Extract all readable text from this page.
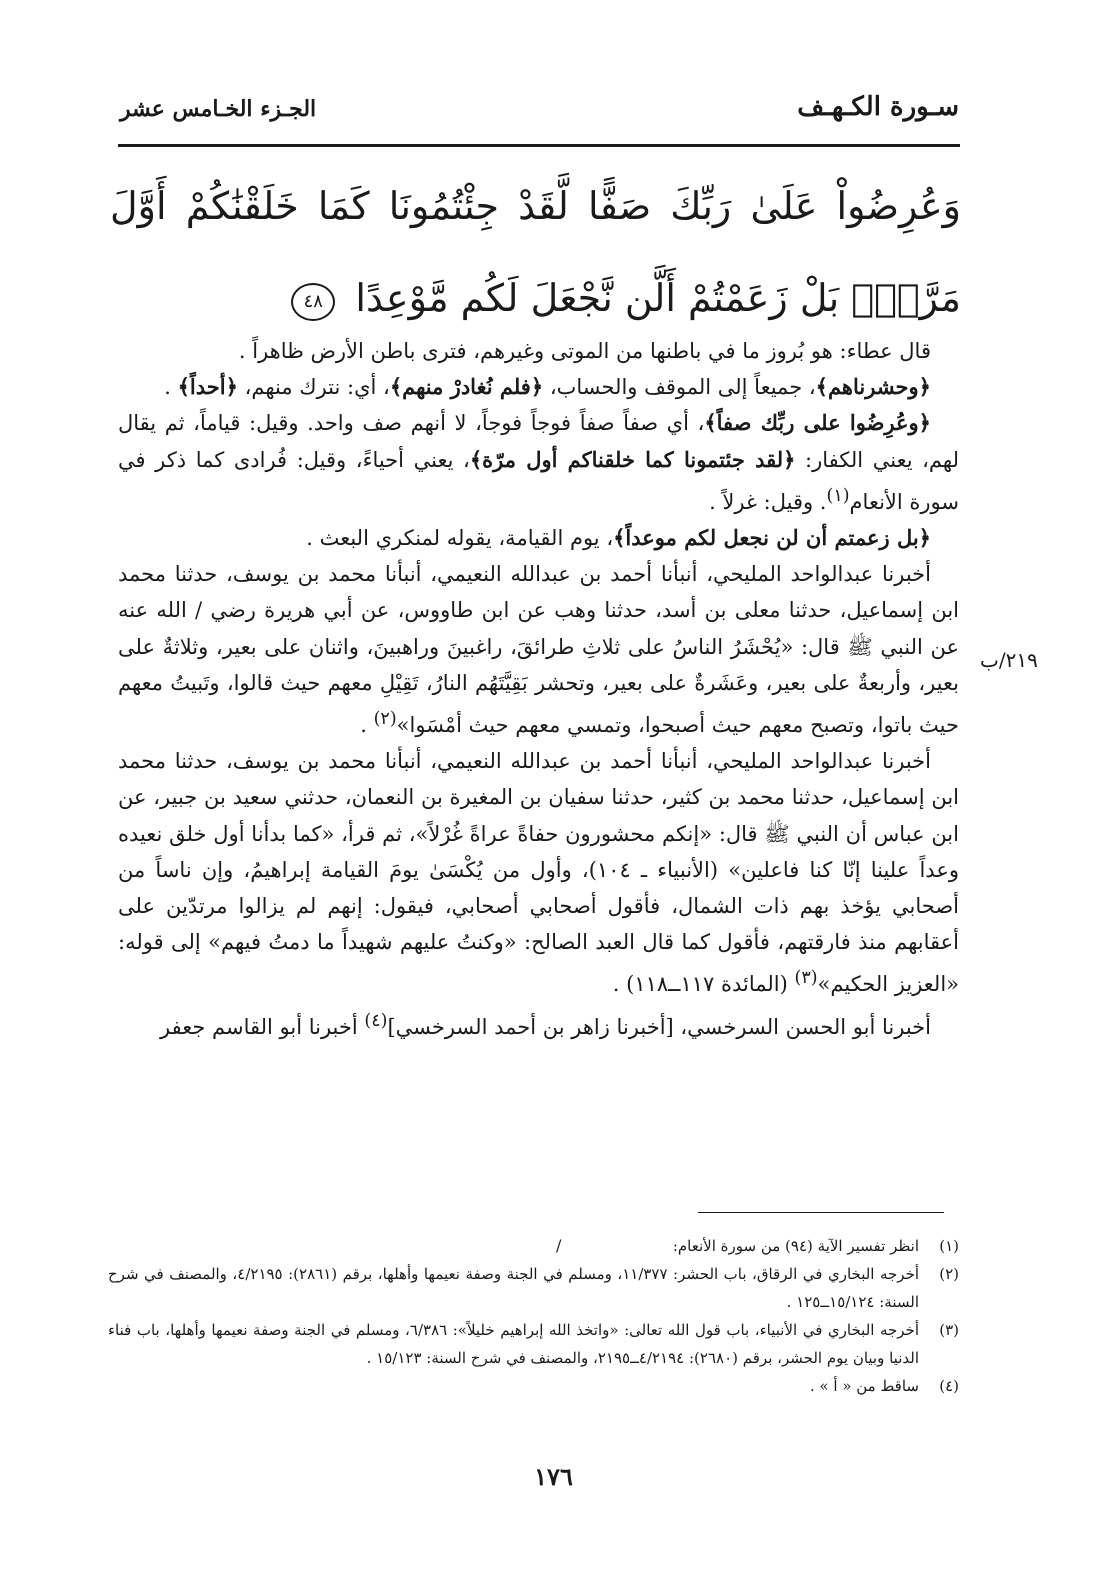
سـورة الكـهـف
الجـزء الخـامس عشر
وَعُرِضُواْ عَلَىٰ رَبِّكَ صَفًّا لَّقَدْ جِئْتُمُونَا كَمَا خَلَقْنَٰكُمْ أَوَّلَ مَرَّةٍۭ بَلْ زَعَمْتُمْ أَلَّن نَّجْعَلَ لَكُم مَّوْعِدًا ٤٨

قال عطاء: هو بُروز ما في باطنها من الموتى وغيرهم، فترى باطن الأرض ظاهراً .

﴿وحشرناهم﴾، جميعاً إلى الموقف والحساب، ﴿فلم نُغادرْ منهم﴾، أي: نترك منهم، ﴿أحداً﴾ .

﴿وعُرِضُوا على ربِّك صفاً﴾، أي صفاً صفاً فوجاً فوجاً، لا أنهم صف واحد. وقيل: قياماً، ثم يقال لهم، يعني الكفار: ﴿لقد جئتمونا كما خلقناكم أول مرّة﴾، يعني أحياءً، وقيل: فُرادى كما ذكر في سورة الأنعام$^{(١)}$. وقيل: غرلاً .

﴿بل زعمتم أن لن نجعل لكم موعداً﴾، يوم القيامة، يقوله لمنكري البعث .

أخبرنا عبدالواحد المليحي، أنبأنا أحمد بن عبدالله النعيمي، أنبأنا محمد بن يوسف، حدثنا محمد ابن إسماعيل، حدثنا معلى بن أسد، حدثنا وهب عن ابن طاووس، عن أبي هريرة رضي / الله عنه عن النبي ﷺ قال: «يُحْشَرُ الناسُ على ثلاثِ طرائقَ، راغبينَ وراهبينَ، واثنان على بعير، وثلاثةٌ على بعير، وأربعةٌ على بعير، وعَشَرةٌ على بعير، وتحشر بَقِيَّتَهُم النارُ، تَقِيْلِ معهم حيث قالوا، وتَبيتُ معهم حيث باتوا، وتصبح معهم حيث أصبحوا، وتمسي معهم حيث أمْسَوا»$^{(٢)}$ .

أخبرنا عبدالواحد المليحي، أنبأنا أحمد بن عبدالله النعيمي، أنبأنا محمد بن يوسف، حدثنا محمد ابن إسماعيل، حدثنا محمد بن كثير، حدثنا سفيان بن المغيرة بن النعمان، حدثني سعيد بن جبير، عن ابن عباس أن النبي ﷺ قال: «إنكم محشورون حفاةً عراةً غُرْلاً»، ثم قرأ، «كما بدأنا أول خلق نعيده وعداً علينا إنّا كنا فاعلين» (الأنبياء ـ ١٠٤)، وأول من يُكْسَىٰ يومَ القيامة إبراهيمُ، وإن ناساً من أصحابي يؤخذ بهم ذات الشمال، فأقول أصحابي أصحابي، فيقول: إنهم لم يزالوا مرتدّين على أعقابهم منذ فارقتهم، فأقول كما قال العبد الصالح: «وكنتُ عليهم شهيداً ما دمتُ فيهم» إلى قوله: «العزيز الحكيم»$^{(٣)}$ (المائدة ١١٧ــ١١٨) .

أخبرنا أبو الحسن السرخسي، [أخبرنا زاهر بن أحمد السرخسي]$^{(٤)}$ أخبرنا أبو القاسم جعفر

٢١٩/ب
/	(١)
انظر تفسير الآية (٩٤) من سورة الأنعام:
(٢)
أخرجه البخاري في الرقاق، باب الحشر: ١١/٣٧٧، ومسلم في الجنة وصفة نعيمها وأهلها، برقم (٢٨٦١): ٤/٢١٩٥، والمصنف في شرح السنة: ١٥/١٢٤ــ١٢٥ .
(٣)
أخرجه البخاري في الأنبياء، باب قول الله تعالى: «واتخذ الله إبراهيم خليلاً»: ٦/٣٨٦، ومسلم في الجنة وصفة نعيمها وأهلها، باب فناء الدنيا وبيان يوم الحشر، برقم (٢٦٨٠): ٤/٢١٩٤ــ٢١٩٥، والمصنف في شرح السنة: ١٥/١٢٣ .
(٤)
ساقط من « أ » .
١٧٦
